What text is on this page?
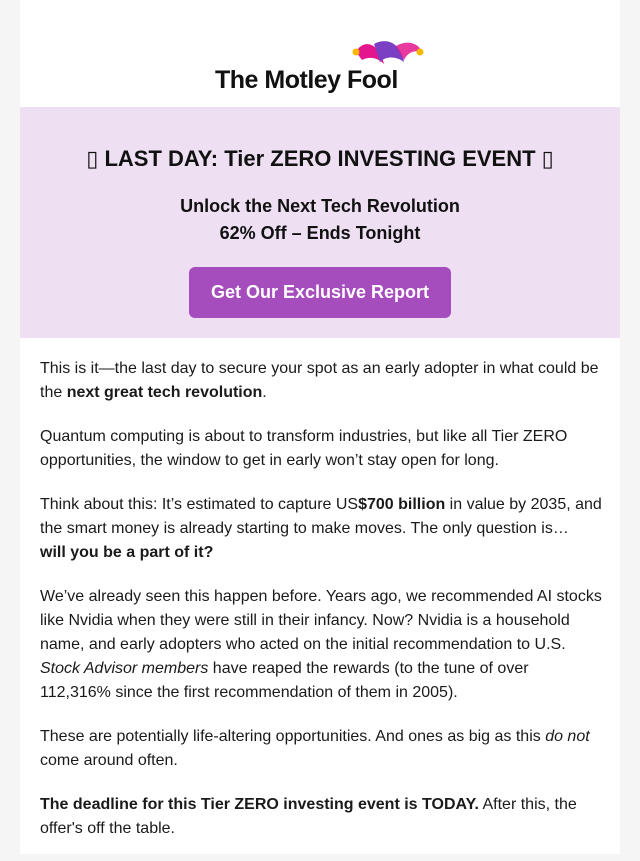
The Motley Fool
▯ LAST DAY: Tier ZERO INVESTING EVENT ▯
Unlock the Next Tech Revolution
62% Off – Ends Tonight
Get Our Exclusive Report

This is it—the last day to secure your spot as an early adopter in what could be the next great tech revolution.

Quantum computing is about to transform industries, but like all Tier ZERO opportunities, the window to get in early won’t stay open for long.

Think about this: It’s estimated to capture US$700 billion in value by 2035, and the smart money is already starting to make moves. The only question is…
will you be a part of it?

We’ve already seen this happen before. Years ago, we recommended AI stocks like Nvidia when they were still in their infancy. Now? Nvidia is a household name, and early adopters who acted on the initial recommendation to U.S. Stock Advisor members have reaped the rewards (to the tune of over 112,316% since the first recommendation of them in 2005).

These are potentially life-altering opportunities. And ones as big as this do not come around often.

The deadline for this Tier ZERO investing event is TODAY. After this, the offer's off the table.
